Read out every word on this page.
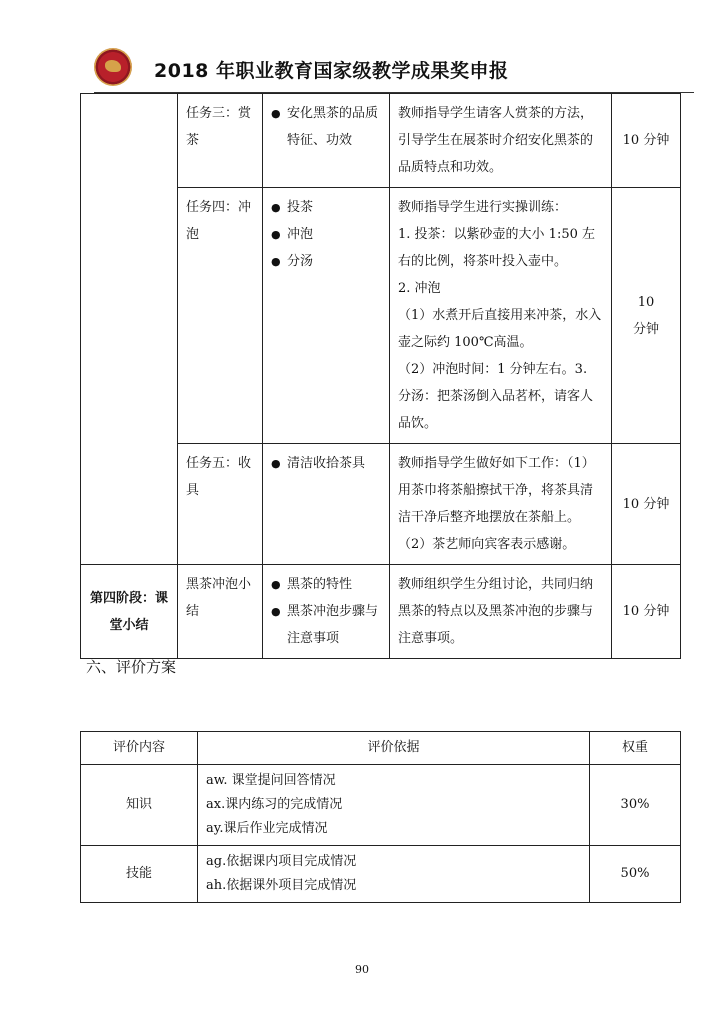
2018 年职业教育国家级教学成果奖申报
	任务三：赏茶	● 安化黑茶的品质特征、功效	教师指导学生请客人赏茶的方法，引导学生在展茶时介绍安化黑茶的品质特点和功效。	10 分钟
	任务四：冲泡	● 投茶
● 冲泡
● 分汤	教师指导学生进行实操训练：
1. 投茶：以紫砂壶的大小 1:50 左右的比例，将茶叶投入壶中。
2. 冲泡
（1）水煮开后直接用来冲茶，水入壶之际约 100℃高温。
（2）冲泡时间：1 分钟左右。3. 分汤：把茶汤倒入品茗杯，请客人品饮。	10
分钟
	任务五：收具	● 清洁收拾茶具	教师指导学生做好如下工作：（1）用茶巾将茶船擦拭干净，将茶具清洁干净后整齐地摆放在茶船上。
（2）茶艺师向宾客表示感谢。	10 分钟
第四阶段：课堂小结	黑茶冲泡小结	● 黑茶的特性
● 黑茶冲泡步骤与注意事项	教师组织学生分组讨论，共同归纳黑茶的特点以及黑茶冲泡的步骤与注意事项。	10 分钟
六、评价方案
评价内容	评价依据	权重
知识	aw. 课堂提问回答情况
ax.课内练习的完成情况
ay.课后作业完成情况	30%
技能	ag.依据课内项目完成情况
ah.依据课外项目完成情况	50%
90
